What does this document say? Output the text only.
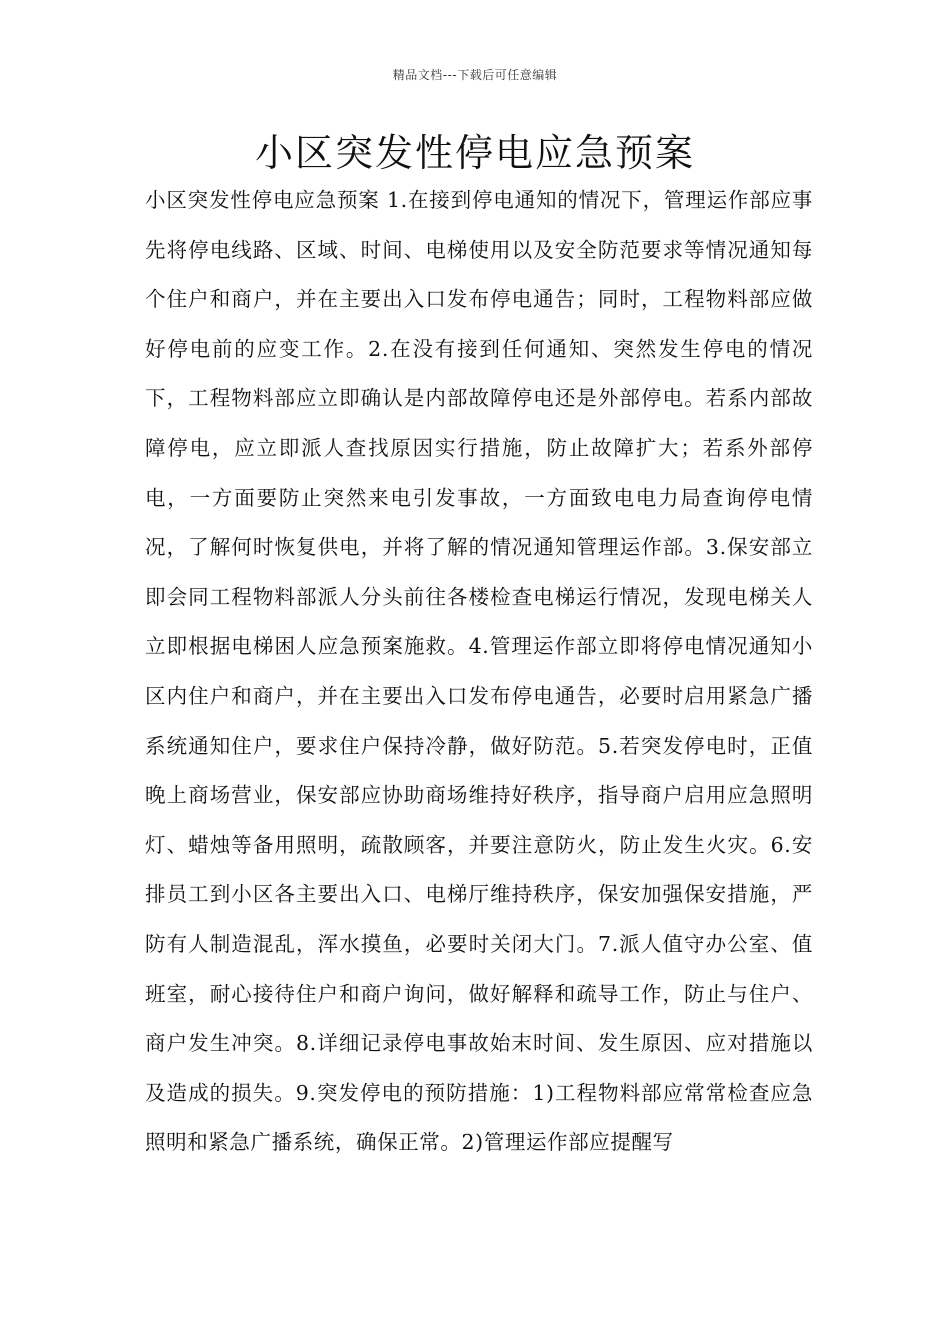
精品文档---下载后可任意编辑
小区突发性停电应急预案

小区突发性停电应急预案 1.在接到停电通知的情况下，管理运作部应事先将停电线路、区域、时间、电梯使用以及安全防范要求等情况通知每个住户和商户，并在主要出入口发布停电通告；同时，工程物料部应做好停电前的应变工作。2.在没有接到任何通知、突然发生停电的情况下，工程物料部应立即确认是内部故障停电还是外部停电。若系内部故障停电，应立即派人查找原因实行措施，防止故障扩大；若系外部停电，一方面要防止突然来电引发事故，一方面致电电力局查询停电情况，了解何时恢复供电，并将了解的情况通知管理运作部。3.保安部立即会同工程物料部派人分头前往各楼检查电梯运行情况，发现电梯关人立即根据电梯困人应急预案施救。4.管理运作部立即将停电情况通知小区内住户和商户，并在主要出入口发布停电通告，必要时启用紧急广播系统通知住户，要求住户保持冷静，做好防范。5.若突发停电时，正值晚上商场营业，保安部应协助商场维持好秩序，指导商户启用应急照明灯、蜡烛等备用照明，疏散顾客，并要注意防火，防止发生火灾。6.安排员工到小区各主要出入口、电梯厅维持秩序，保安加强保安措施，严防有人制造混乱，浑水摸鱼，必要时关闭大门。7.派人值守办公室、值班室，耐心接待住户和商户询问，做好解释和疏导工作，防止与住户、商户发生冲突。8.详细记录停电事故始末时间、发生原因、应对措施以及造成的损失。9.突发停电的预防措施：1)工程物料部应常常检查应急照明和紧急广播系统，确保正常。2)管理运作部应提醒写
